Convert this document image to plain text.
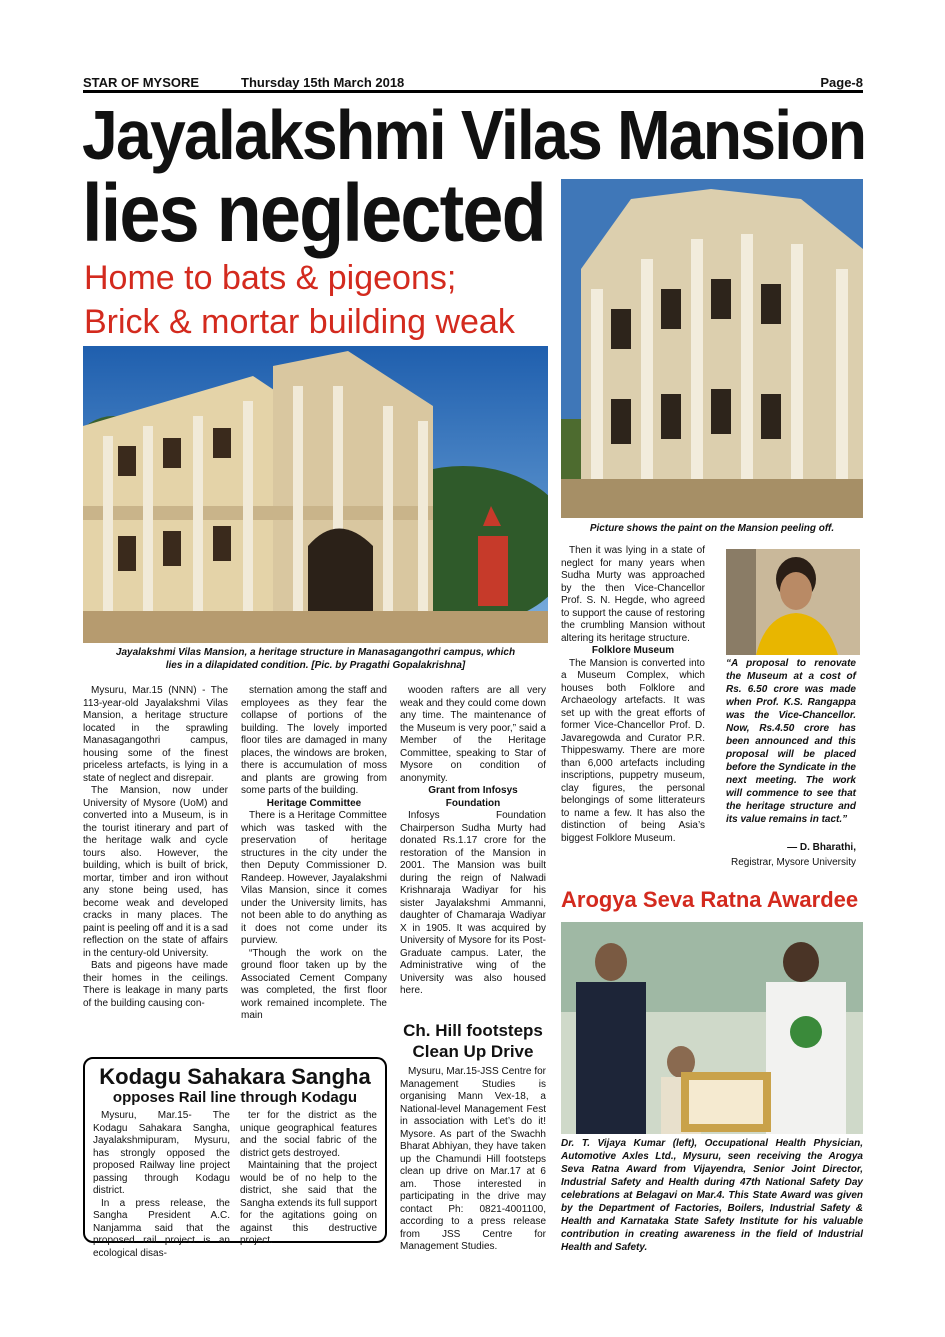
STAR OF MYSORE	Thursday 15th March 2018	Page-8
Jayalakshmi Vilas Mansion
lies neglected
Home to bats & pigeons;
Brick & mortar building weak
Jayalakshmi Vilas Mansion, a heritage structure in Manasagangothri campus, which
lies in a dilapidated condition. [Pic. by Pragathi Gopalakrishna]
Picture shows the paint on the Mansion peeling off.

Mysuru, Mar.15 (NNN) - The 113-year-old Jayalakshmi Vilas Mansion, a heritage structure located in the sprawling Manasagangothri campus, housing some of the finest priceless artefacts, is lying in a state of neglect and disrepair.

The Mansion, now under University of Mysore (UoM) and converted into a Museum, is in the tourist itinerary and part of the heritage walk and cycle tours also. However, the building, which is built of brick, mortar, timber and iron without any stone being used, has become weak and developed cracks in many places. The paint is peeling off and it is a sad reflection on the state of affairs in the century-old University.

Bats and pigeons have made their homes in the ceilings. There is leakage in many parts of the building causing con-

sternation among the staff and employees as they fear the collapse of portions of the building. The lovely imported floor tiles are damaged in many places, the windows are broken, there is accumulation of moss and plants are growing from some parts of the building.

Heritage Committee

There is a Heritage Committee which was tasked with the preservation of heritage structures in the city under the then Deputy Commissioner D. Randeep. However, Jayalakshmi Vilas Mansion, since it comes under the University limits, has not been able to do anything as it does not come under its purview.

“Though the work on the ground floor taken up by the Associated Cement Company was completed, the first floor work remained incomplete. The main

wooden rafters are all very weak and they could come down any time. The maintenance of the Museum is very poor,” said a Member of the Heritage Committee, speaking to Star of Mysore on condition of anonymity.

Grant from Infosys Foundation

Infosys Foundation Chairperson Sudha Murty had donated Rs.1.17 crore for the restoration of the Mansion in 2001. The Mansion was built during the reign of Nalwadi Krishnaraja Wadiyar for his sister Jayalakshmi Ammanni, daughter of Chamaraja Wadiyar X in 1905. It was acquired by University of Mysore for its Post-Graduate campus. Later, the Administrative wing of the University was also housed here.

Then it was lying in a state of neglect for many years when Sudha Murty was approached by the then Vice-Chancellor Prof. S. N. Hegde, who agreed to support the cause of restoring the crumbling Mansion without altering its heritage structure.

Folklore Museum

The Mansion is converted into a Museum Complex, which houses both Folklore and Archaeology artefacts. It was set up with the great efforts of former Vice-Chancellor Prof. D. Javaregowda and Curator P.R. Thippeswamy. There are more than 6,000 artefacts including inscriptions, puppetry museum, clay figures, the personal belongings of some litterateurs to name a few. It has also the distinction of being Asia’s biggest Folklore Museum.

“A proposal to renovate the Museum at a cost of Rs. 6.50 crore was made when Prof. K.S. Rangappa was the Vice-Chancellor. Now, Rs.4.50 crore has been announced and this proposal will be placed before the Syndicate in the next meeting. The work will commence to see that the heritage structure and its value remains in tact.”
— D. Bharathi,
Registrar, Mysore University
Ch. Hill footsteps
Clean Up Drive

Mysuru, Mar.15-JSS Centre for Management Studies is organising Mann Vex-18, a National-level Management Fest in association with Let’s do it! Mysore. As part of the Swachh Bharat Abhiyan, they have taken up the Chamundi Hill footsteps clean up drive on Mar.17 at 6 am. Those interested in participating in the drive may contact Ph: 0821-4001100, according to a press release from JSS Centre for Management Studies.

Kodagu Sahakara Sangha
opposes Rail line through Kodagu

Mysuru, Mar.15- The Kodagu Sahakara Sangha, Jayalakshmipuram, Mysuru, has strongly opposed the proposed Railway line project passing through Kodagu district.

In a press release, the Sangha President A.C. Nanjamma said that the proposed rail project is an ecological disas-

ter for the district as the unique geographical features and the social fabric of the district gets destroyed.

Maintaining that the project would be of no help to the district, she said that the Sangha extends its full support for the agitations going on against this destructive project.

Arogya Seva Ratna Awardee
Dr. T. Vijaya Kumar (left), Occupational Health Physician, Automotive Axles Ltd., Mysuru, seen receiving the Arogya Seva Ratna Award from Vijayendra, Senior Joint Director, Industrial Safety and Health during 47th National Safety Day celebrations at Belagavi on Mar.4. This State Award was given by the Department of Factories, Boilers, Industrial Safety & Health and Karnataka State Safety Institute for his valuable contribution in creating awareness in the field of Industrial Health and Safety.
